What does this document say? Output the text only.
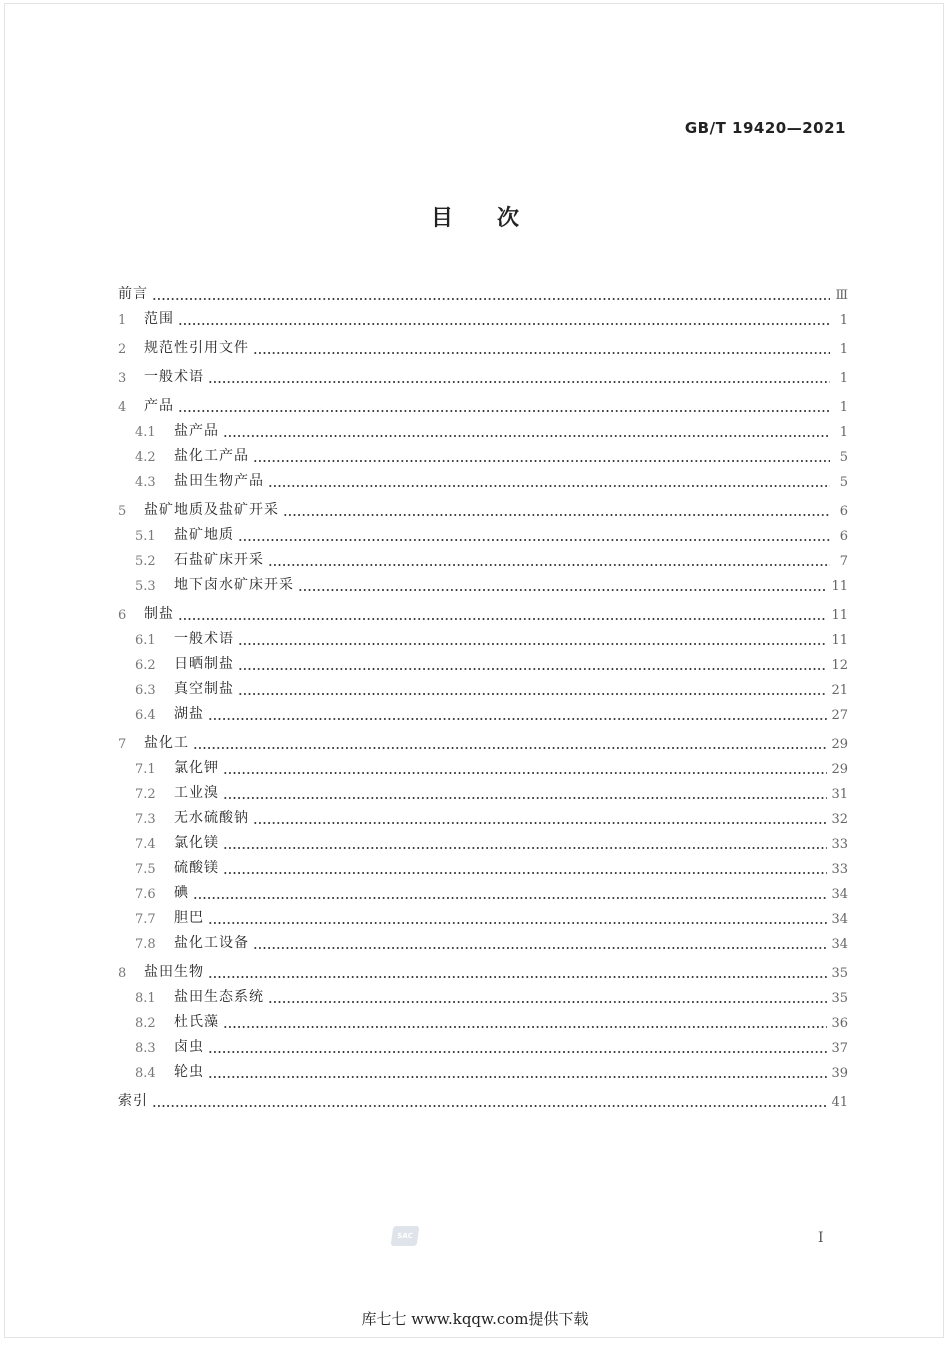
GB/T 19420—2021
目次
前言	Ⅲ
1	范围	1
2	规范性引用文件	1
3	一般术语	1
4	产品	1
4.1	盐产品	1
4.2	盐化工产品	5
4.3	盐田生物产品	5
5	盐矿地质及盐矿开采	6
5.1	盐矿地质	6
5.2	石盐矿床开采	7
5.3	地下卤水矿床开采	11
6	制盐	11
6.1	一般术语	11
6.2	日晒制盐	12
6.3	真空制盐	21
6.4	湖盐	27
7	盐化工	29
7.1	氯化钾	29
7.2	工业溴	31
7.3	无水硫酸钠	32
7.4	氯化镁	33
7.5	硫酸镁	33
7.6	碘	34
7.7	胆巴	34
7.8	盐化工设备	34
8	盐田生物	35
8.1	盐田生态系统	35
8.2	杜氏藻	36
8.3	卤虫	37
8.4	轮虫	39
索引	41
SAC	I
库七七 www.kqqw.com提供下载
